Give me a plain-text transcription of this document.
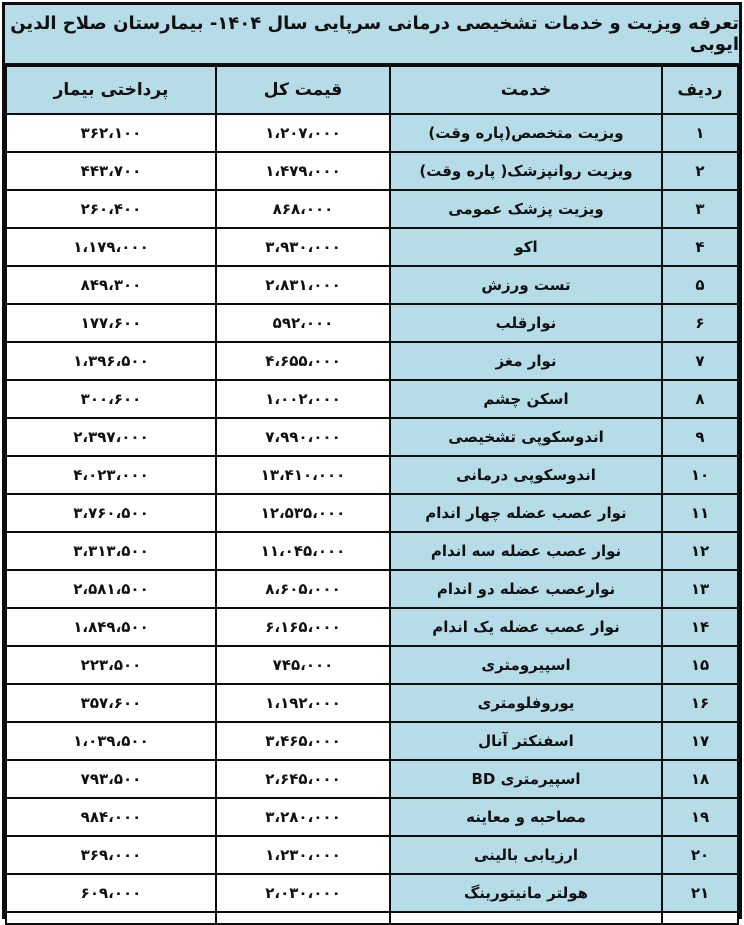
تعرفه ویزیت و خدمات تشخیصی درمانی سرپایی سال ۱۴۰۴- بیمارستان صلاح الدین ایوبی
ردیف	خدمت	قیمت کل	پرداختی بیمار
۱	ویزیت متخصص(پاره وقت)	۱،۲۰۷،۰۰۰	۳۶۲،۱۰۰
۲	ویزیت روانپزشک( پاره وقت)	۱،۴۷۹،۰۰۰	۴۴۳،۷۰۰
۳	ویزیت پزشک عمومی	۸۶۸،۰۰۰	۲۶۰،۴۰۰
۴	اکو	۳،۹۳۰،۰۰۰	۱،۱۷۹،۰۰۰
۵	تست ورزش	۲،۸۳۱،۰۰۰	۸۴۹،۳۰۰
۶	نوارقلب	۵۹۲،۰۰۰	۱۷۷،۶۰۰
۷	نوار مغز	۴،۶۵۵،۰۰۰	۱،۳۹۶،۵۰۰
۸	اسکن چشم	۱،۰۰۲،۰۰۰	۳۰۰،۶۰۰
۹	اندوسکوپی تشخیصی	۷،۹۹۰،۰۰۰	۲،۳۹۷،۰۰۰
۱۰	اندوسکوپی درمانی	۱۳،۴۱۰،۰۰۰	۴،۰۲۳،۰۰۰
۱۱	نوار عصب عضله چهار اندام	۱۲،۵۳۵،۰۰۰	۳،۷۶۰،۵۰۰
۱۲	نوار عصب عضله سه اندام	۱۱،۰۴۵،۰۰۰	۳،۳۱۳،۵۰۰
۱۳	نوارعصب عضله دو اندام	۸،۶۰۵،۰۰۰	۲،۵۸۱،۵۰۰
۱۴	نوار عصب عضله یک اندام	۶،۱۶۵،۰۰۰	۱،۸۴۹،۵۰۰
۱۵	اسپیرومتری	۷۴۵،۰۰۰	۲۲۳،۵۰۰
۱۶	یوروفلومتری	۱،۱۹۲،۰۰۰	۳۵۷،۶۰۰
۱۷	اسفنکتر آنال	۳،۴۶۵،۰۰۰	۱،۰۳۹،۵۰۰
۱۸	اسپیرمتری BD	۲،۶۴۵،۰۰۰	۷۹۳،۵۰۰
۱۹	مصاحبه و معاینه	۳،۲۸۰،۰۰۰	۹۸۴،۰۰۰
۲۰	ارزیابی بالینی	۱،۲۳۰،۰۰۰	۳۶۹،۰۰۰
۲۱	هولتر مانیتورینگ	۲،۰۳۰،۰۰۰	۶۰۹،۰۰۰
